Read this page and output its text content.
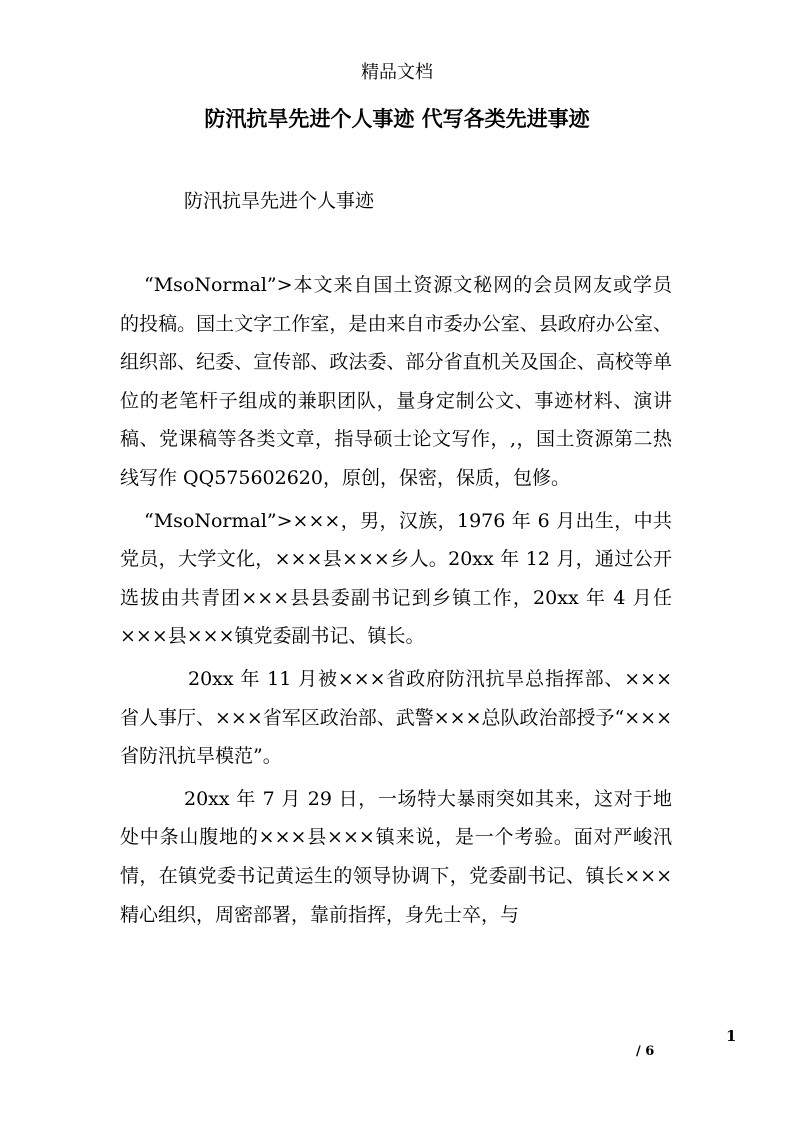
精品文档
防汛抗旱先进个人事迹 代写各类先进事迹
防汛抗旱先进个人事迹

“MsoNormal”>本文来自国土资源文秘网的会员网友或学员的投稿。国土文字工作室，是由来自市委办公室、县政府办公室、组织部、纪委、宣传部、政法委、部分省直机关及国企、高校等单位的老笔杆子组成的兼职团队，量身定制公文、事迹材料、演讲稿、党课稿等各类文章，指导硕士论文写作，,，国土资源第二热线写作 QQ575602620，原创，保密，保质，包修。

“MsoNormal”>×××，男，汉族，1976 年 6 月出生，中共党员，大学文化，×××县×××乡人。20xx 年 12 月，通过公开选拔由共青团×××县县委副书记到乡镇工作，20xx 年 4 月任×××县×××镇党委副书记、镇长。

20xx 年 11 月被×××省政府防汛抗旱总指挥部、×××省人事厅、×××省军区政治部、武警×××总队政治部授予“×××省防汛抗旱模范”。

20xx 年 7 月 29 日，一场特大暴雨突如其来，这对于地处中条山腹地的×××县×××镇来说，是一个考验。面对严峻汛情，在镇党委书记黄运生的领导协调下，党委副书记、镇长×××精心组织，周密部署，靠前指挥，身先士卒，与

1
/ 6
